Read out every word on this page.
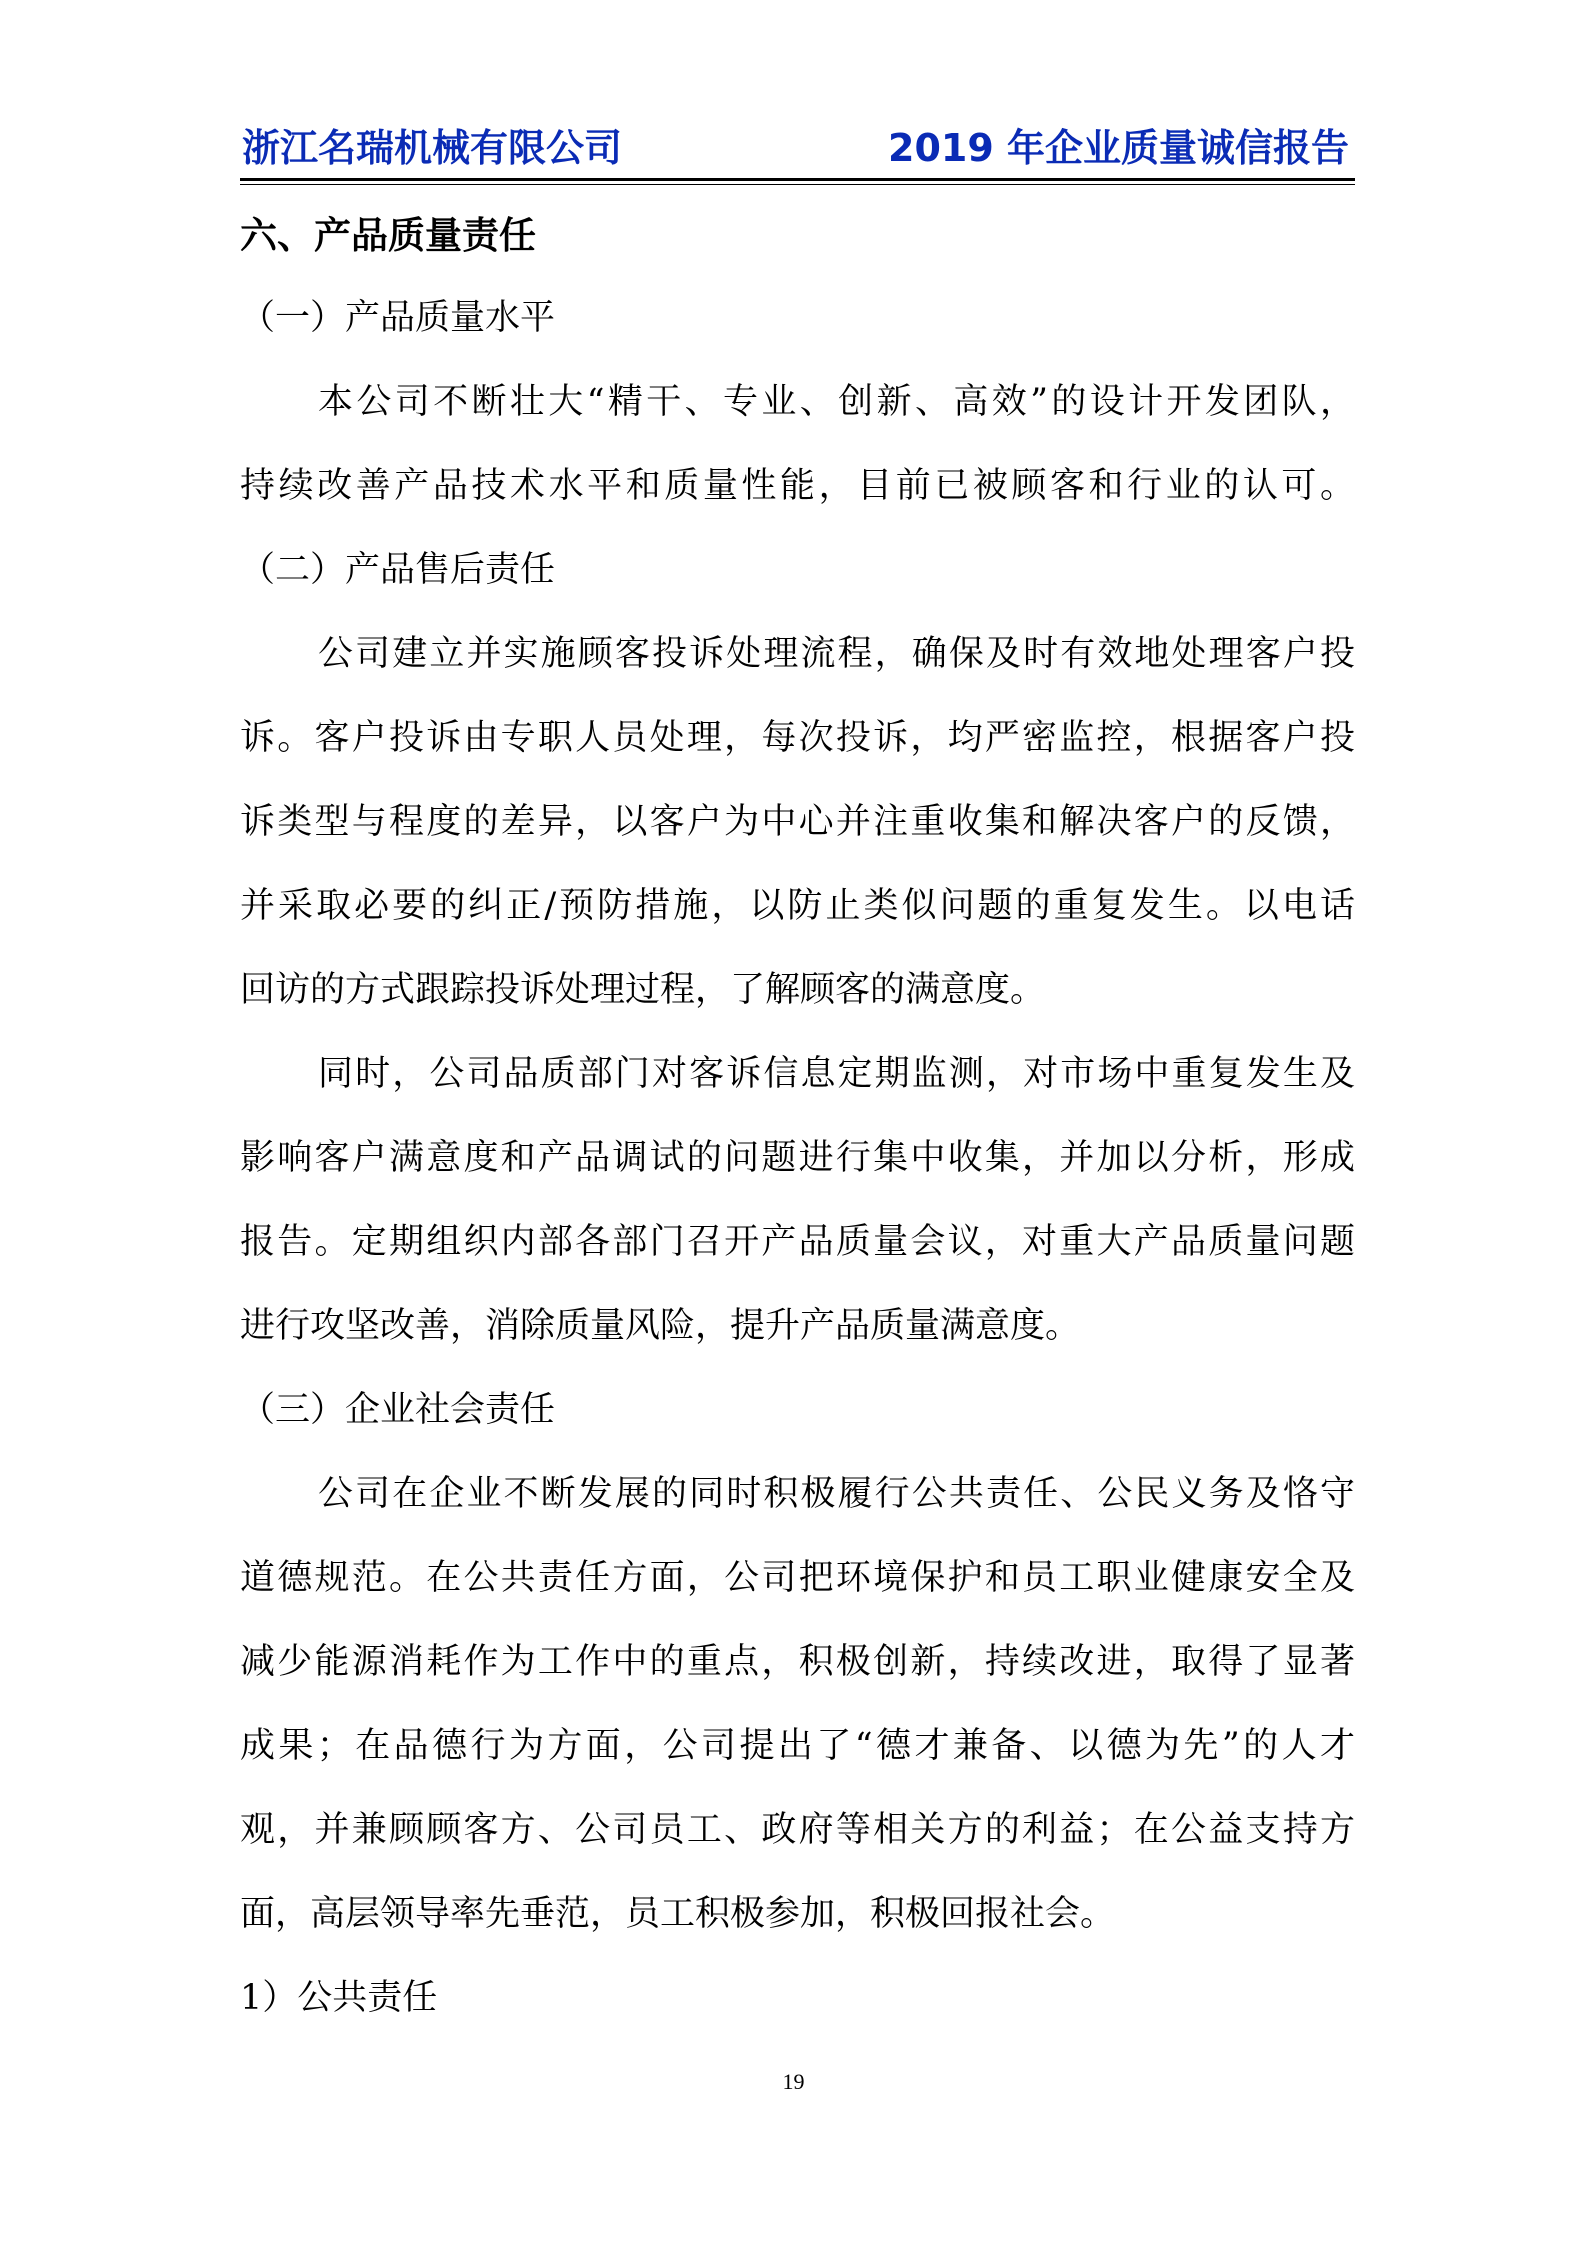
浙江名瑞机械有限公司	2019 年企业质量诚信报告
六、产品质量责任
（一）产品质量水平
本公司不断壮大“精干、专业、创新、高效”的设计开发团队，
持续改善产品技术水平和质量性能，目前已被顾客和行业的认可。
（二）产品售后责任
公司建立并实施顾客投诉处理流程，确保及时有效地处理客户投
诉。客户投诉由专职人员处理，每次投诉，均严密监控，根据客户投
诉类型与程度的差异，以客户为中心并注重收集和解决客户的反馈，
并采取必要的纠正/预防措施，以防止类似问题的重复发生。以电话
回访的方式跟踪投诉处理过程，了解顾客的满意度。
同时，公司品质部门对客诉信息定期监测，对市场中重复发生及
影响客户满意度和产品调试的问题进行集中收集，并加以分析，形成
报告。定期组织内部各部门召开产品质量会议，对重大产品质量问题
进行攻坚改善，消除质量风险，提升产品质量满意度。
（三）企业社会责任
公司在企业不断发展的同时积极履行公共责任、公民义务及恪守
道德规范。在公共责任方面，公司把环境保护和员工职业健康安全及
减少能源消耗作为工作中的重点，积极创新，持续改进，取得了显著
成果；在品德行为方面，公司提出了“德才兼备、以德为先”的人才
观，并兼顾顾客方、公司员工、政府等相关方的利益；在公益支持方
面，高层领导率先垂范，员工积极参加，积极回报社会。
1）公共责任
19
